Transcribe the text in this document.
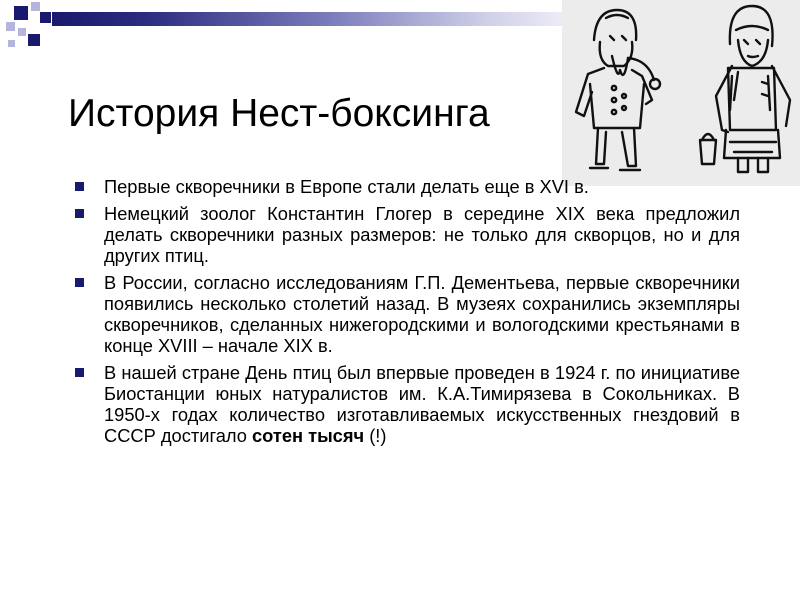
История Нест-боксинга
Первые скворечники в Европе стали делать еще в XVI в.
Немецкий зоолог Константин Глогер в середине XIX века предложил делать скворечники разных размеров: не только для скворцов, но и для других птиц.
В России, согласно исследованиям Г.П. Дементьева, первые скворечники появились несколько столетий назад. В музеях сохранились экземпляры скворечников, сделанных нижегородскими и вологодскими крестьянами в конце XVIII – начале XIX в.
В нашей стране День птиц был впервые проведен в 1924 г. по инициативе Биостанции юных натуралистов им. К.А.Тимирязева в Сокольниках. В 1950-х годах количество изготавливаемых искусственных гнездовий в СССР достигало сотен тысяч (!)
